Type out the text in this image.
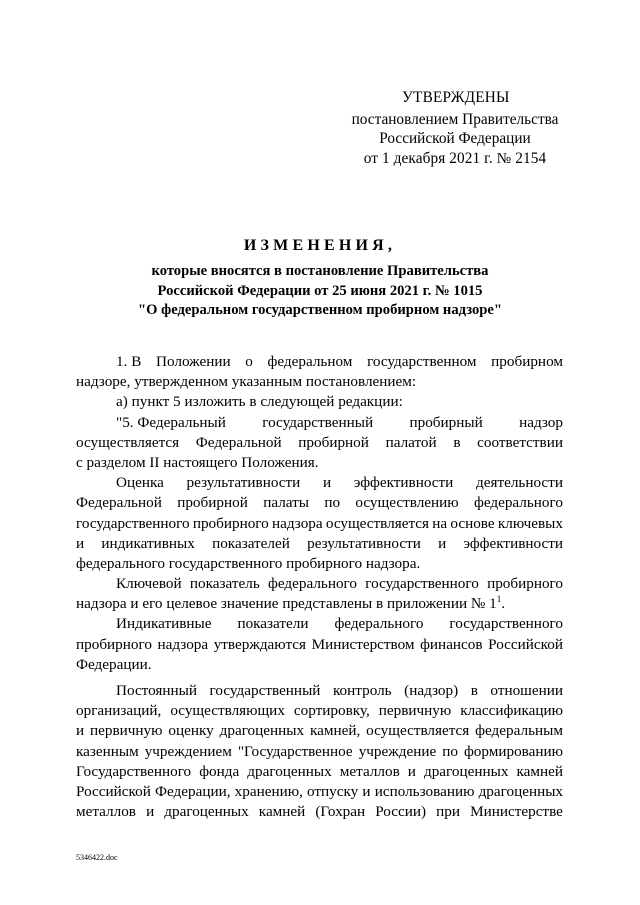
УТВЕРЖДЕНЫ
постановлением Правительства
Российской Федерации
от 1 декабря 2021 г. № 2154
ИЗМЕНЕНИЯ,
которые вносятся в постановление Правительства
Российской Федерации от 25 июня 2021 г. № 1015
"О федеральном государственном пробирном надзоре"
1. В Положении о федеральном государственном пробирном
надзоре, утвержденном указанным постановлением:
а) пункт 5 изложить в следующей редакции:
"5. Федеральный государственный пробирный надзор
осуществляется Федеральной пробирной палатой в соответствии
с разделом II настоящего Положения.
Оценка результативности и эффективности деятельности
Федеральной пробирной палаты по осуществлению федерального
государственного пробирного надзора осуществляется на основе ключевых
и индикативных показателей результативности и эффективности
федерального государственного пробирного надзора.
Ключевой показатель федерального государственного пробирного
надзора и его целевое значение представлены в приложении № $1^1$.
Индикативные показатели федерального государственного
пробирного надзора утверждаются Министерством финансов Российской
Федерации.
Постоянный государственный контроль (надзор) в отношении
организаций, осуществляющих сортировку, первичную классификацию
и первичную оценку драгоценных камней, осуществляется федеральным
казенным учреждением "Государственное учреждение по формированию
Государственного фонда драгоценных металлов и драгоценных камней
Российской Федерации, хранению, отпуску и использованию драгоценных
металлов и драгоценных камней (Гохран России) при Министерстве
5346422.doc
